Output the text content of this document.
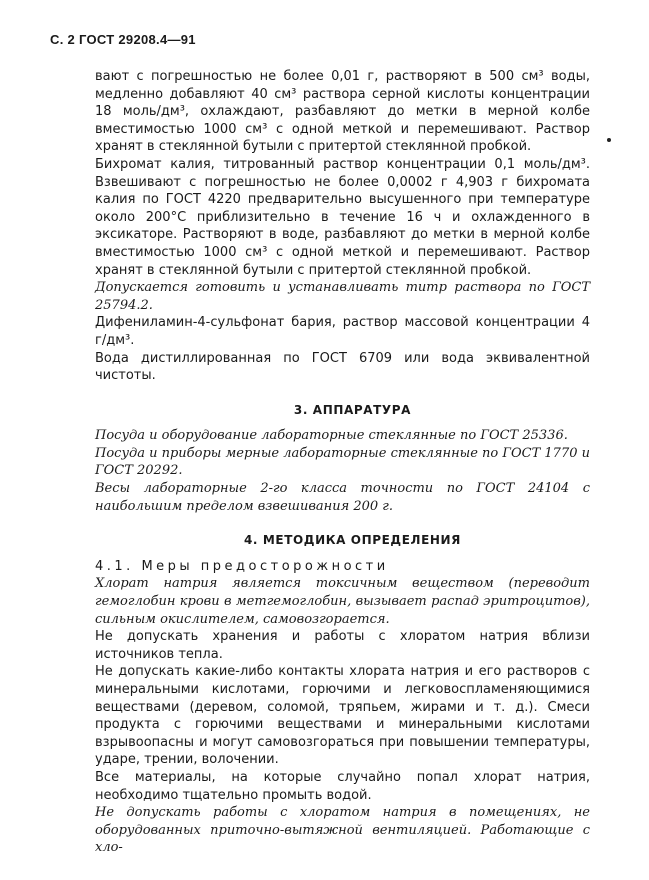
С. 2 ГОСТ 29208.4—91

вают с погрешностью не более 0,01 г, растворяют в 500 см³ воды, медленно добавляют 40 см³ раствора серной кислоты концентрации 18 моль/дм³, охлаждают, разбавляют до метки в мерной колбе вместимостью 1000 см³ с одной меткой и перемешивают. Раствор хранят в стеклянной бутыли с притертой стеклянной пробкой.

Бихромат калия, титрованный раствор концентрации 0,1 моль/дм³. Взвешивают с погрешностью не более 0,0002 г 4,903 г бихромата калия по ГОСТ 4220 предварительно высушенного при температуре около 200°С приблизительно в течение 16 ч и охлажденного в эксикаторе. Растворяют в воде, разбавляют до метки в мерной колбе вместимостью 1000 см³ с одной меткой и перемешивают. Раствор хранят в стеклянной бутыли с притертой стеклянной пробкой.

Допускается готовить и устанавливать титр раствора по ГОСТ 25794.2.

Дифениламин-4-сульфонат бария, раствор массовой концентрации 4 г/дм³.

Вода дистиллированная по ГОСТ 6709 или вода эквивалентной чистоты.

3. АППАРАТУРА

Посуда и оборудование лабораторные стеклянные по ГОСТ 25336.

Посуда и приборы мерные лабораторные стеклянные по ГОСТ 1770 и ГОСТ 20292.

Весы лабораторные 2-го класса точности по ГОСТ 24104 с наибольшим пределом взвешивания 200 г.

4. МЕТОДИКА ОПРЕДЕЛЕНИЯ

4.1. Меры предосторожности

Хлорат натрия является токсичным веществом (переводит гемоглобин крови в метгемоглобин, вызывает распад эритроцитов), сильным окислителем, самовозгорается.

Не допускать хранения и работы с хлоратом натрия вблизи источников тепла.

Не допускать какие-либо контакты хлората натрия и его растворов с минеральными кислотами, горючими и легковоспламеняющимися веществами (деревом, соломой, тряпьем, жирами и т. д.). Смеси продукта с горючими веществами и минеральными кислотами взрывоопасны и могут самовозгораться при повышении температуры, ударе, трении, волочении.

Все материалы, на которые случайно попал хлорат натрия, необходимо тщательно промыть водой.

Не допускать работы с хлоратом натрия в помещениях, не оборудованных приточно-вытяжной вентиляцией. Работающие с хло-
